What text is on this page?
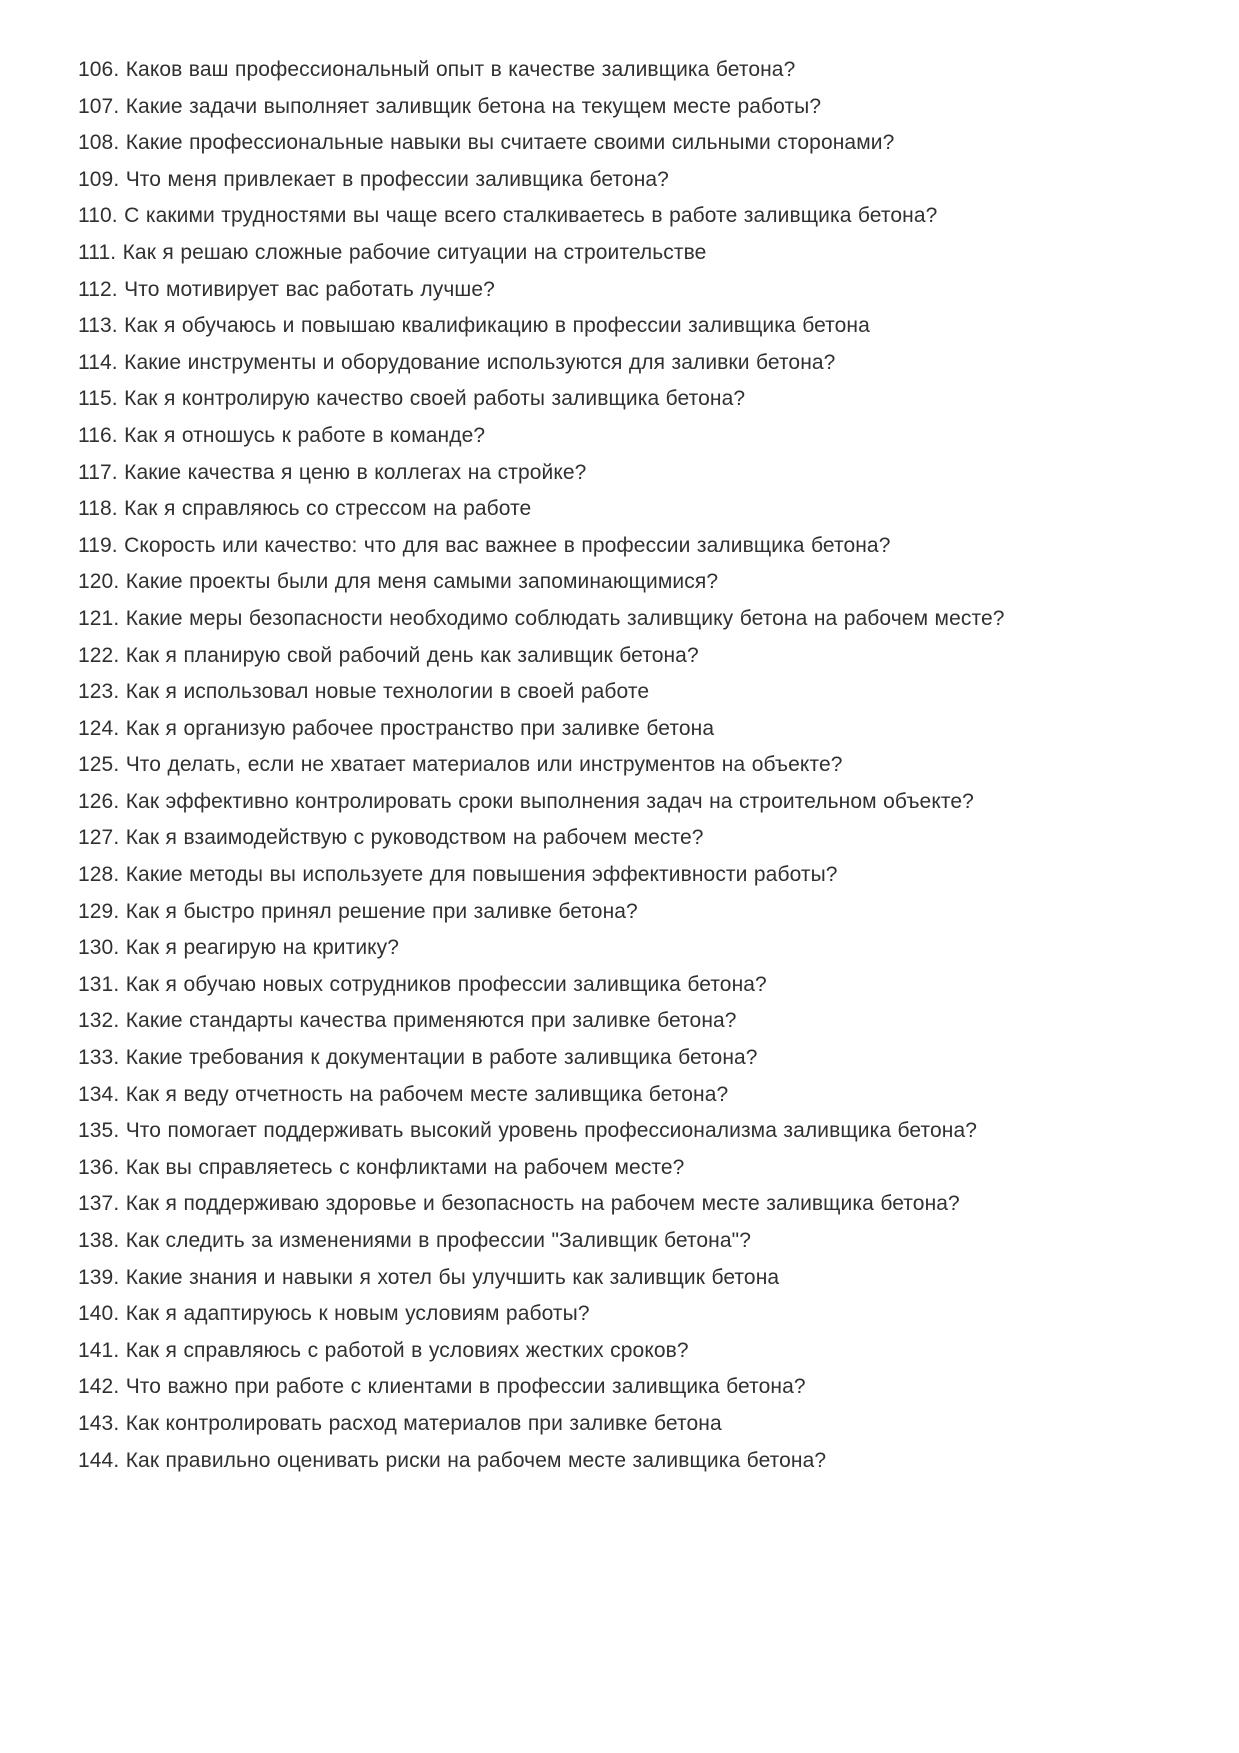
106. Каков ваш профессиональный опыт в качестве заливщика бетона?
107. Какие задачи выполняет заливщик бетона на текущем месте работы?
108. Какие профессиональные навыки вы считаете своими сильными сторонами?
109. Что меня привлекает в профессии заливщика бетона?
110. С какими трудностями вы чаще всего сталкиваетесь в работе заливщика бетона?
111. Как я решаю сложные рабочие ситуации на строительстве
112. Что мотивирует вас работать лучше?
113. Как я обучаюсь и повышаю квалификацию в профессии заливщика бетона
114. Какие инструменты и оборудование используются для заливки бетона?
115. Как я контролирую качество своей работы заливщика бетона?
116. Как я отношусь к работе в команде?
117. Какие качества я ценю в коллегах на стройке?
118. Как я справляюсь со стрессом на работе
119. Скорость или качество: что для вас важнее в профессии заливщика бетона?
120. Какие проекты были для меня самыми запоминающимися?
121. Какие меры безопасности необходимо соблюдать заливщику бетона на рабочем месте?
122. Как я планирую свой рабочий день как заливщик бетона?
123. Как я использовал новые технологии в своей работе
124. Как я организую рабочее пространство при заливке бетона
125. Что делать, если не хватает материалов или инструментов на объекте?
126. Как эффективно контролировать сроки выполнения задач на строительном объекте?
127. Как я взаимодействую с руководством на рабочем месте?
128. Какие методы вы используете для повышения эффективности работы?
129. Как я быстро принял решение при заливке бетона?
130. Как я реагирую на критику?
131. Как я обучаю новых сотрудников профессии заливщика бетона?
132. Какие стандарты качества применяются при заливке бетона?
133. Какие требования к документации в работе заливщика бетона?
134. Как я веду отчетность на рабочем месте заливщика бетона?
135. Что помогает поддерживать высокий уровень профессионализма заливщика бетона?
136. Как вы справляетесь с конфликтами на рабочем месте?
137. Как я поддерживаю здоровье и безопасность на рабочем месте заливщика бетона?
138. Как следить за изменениями в профессии "Заливщик бетона"?
139. Какие знания и навыки я хотел бы улучшить как заливщик бетона
140. Как я адаптируюсь к новым условиям работы?
141. Как я справляюсь с работой в условиях жестких сроков?
142. Что важно при работе с клиентами в профессии заливщика бетона?
143. Как контролировать расход материалов при заливке бетона
144. Как правильно оценивать риски на рабочем месте заливщика бетона?
